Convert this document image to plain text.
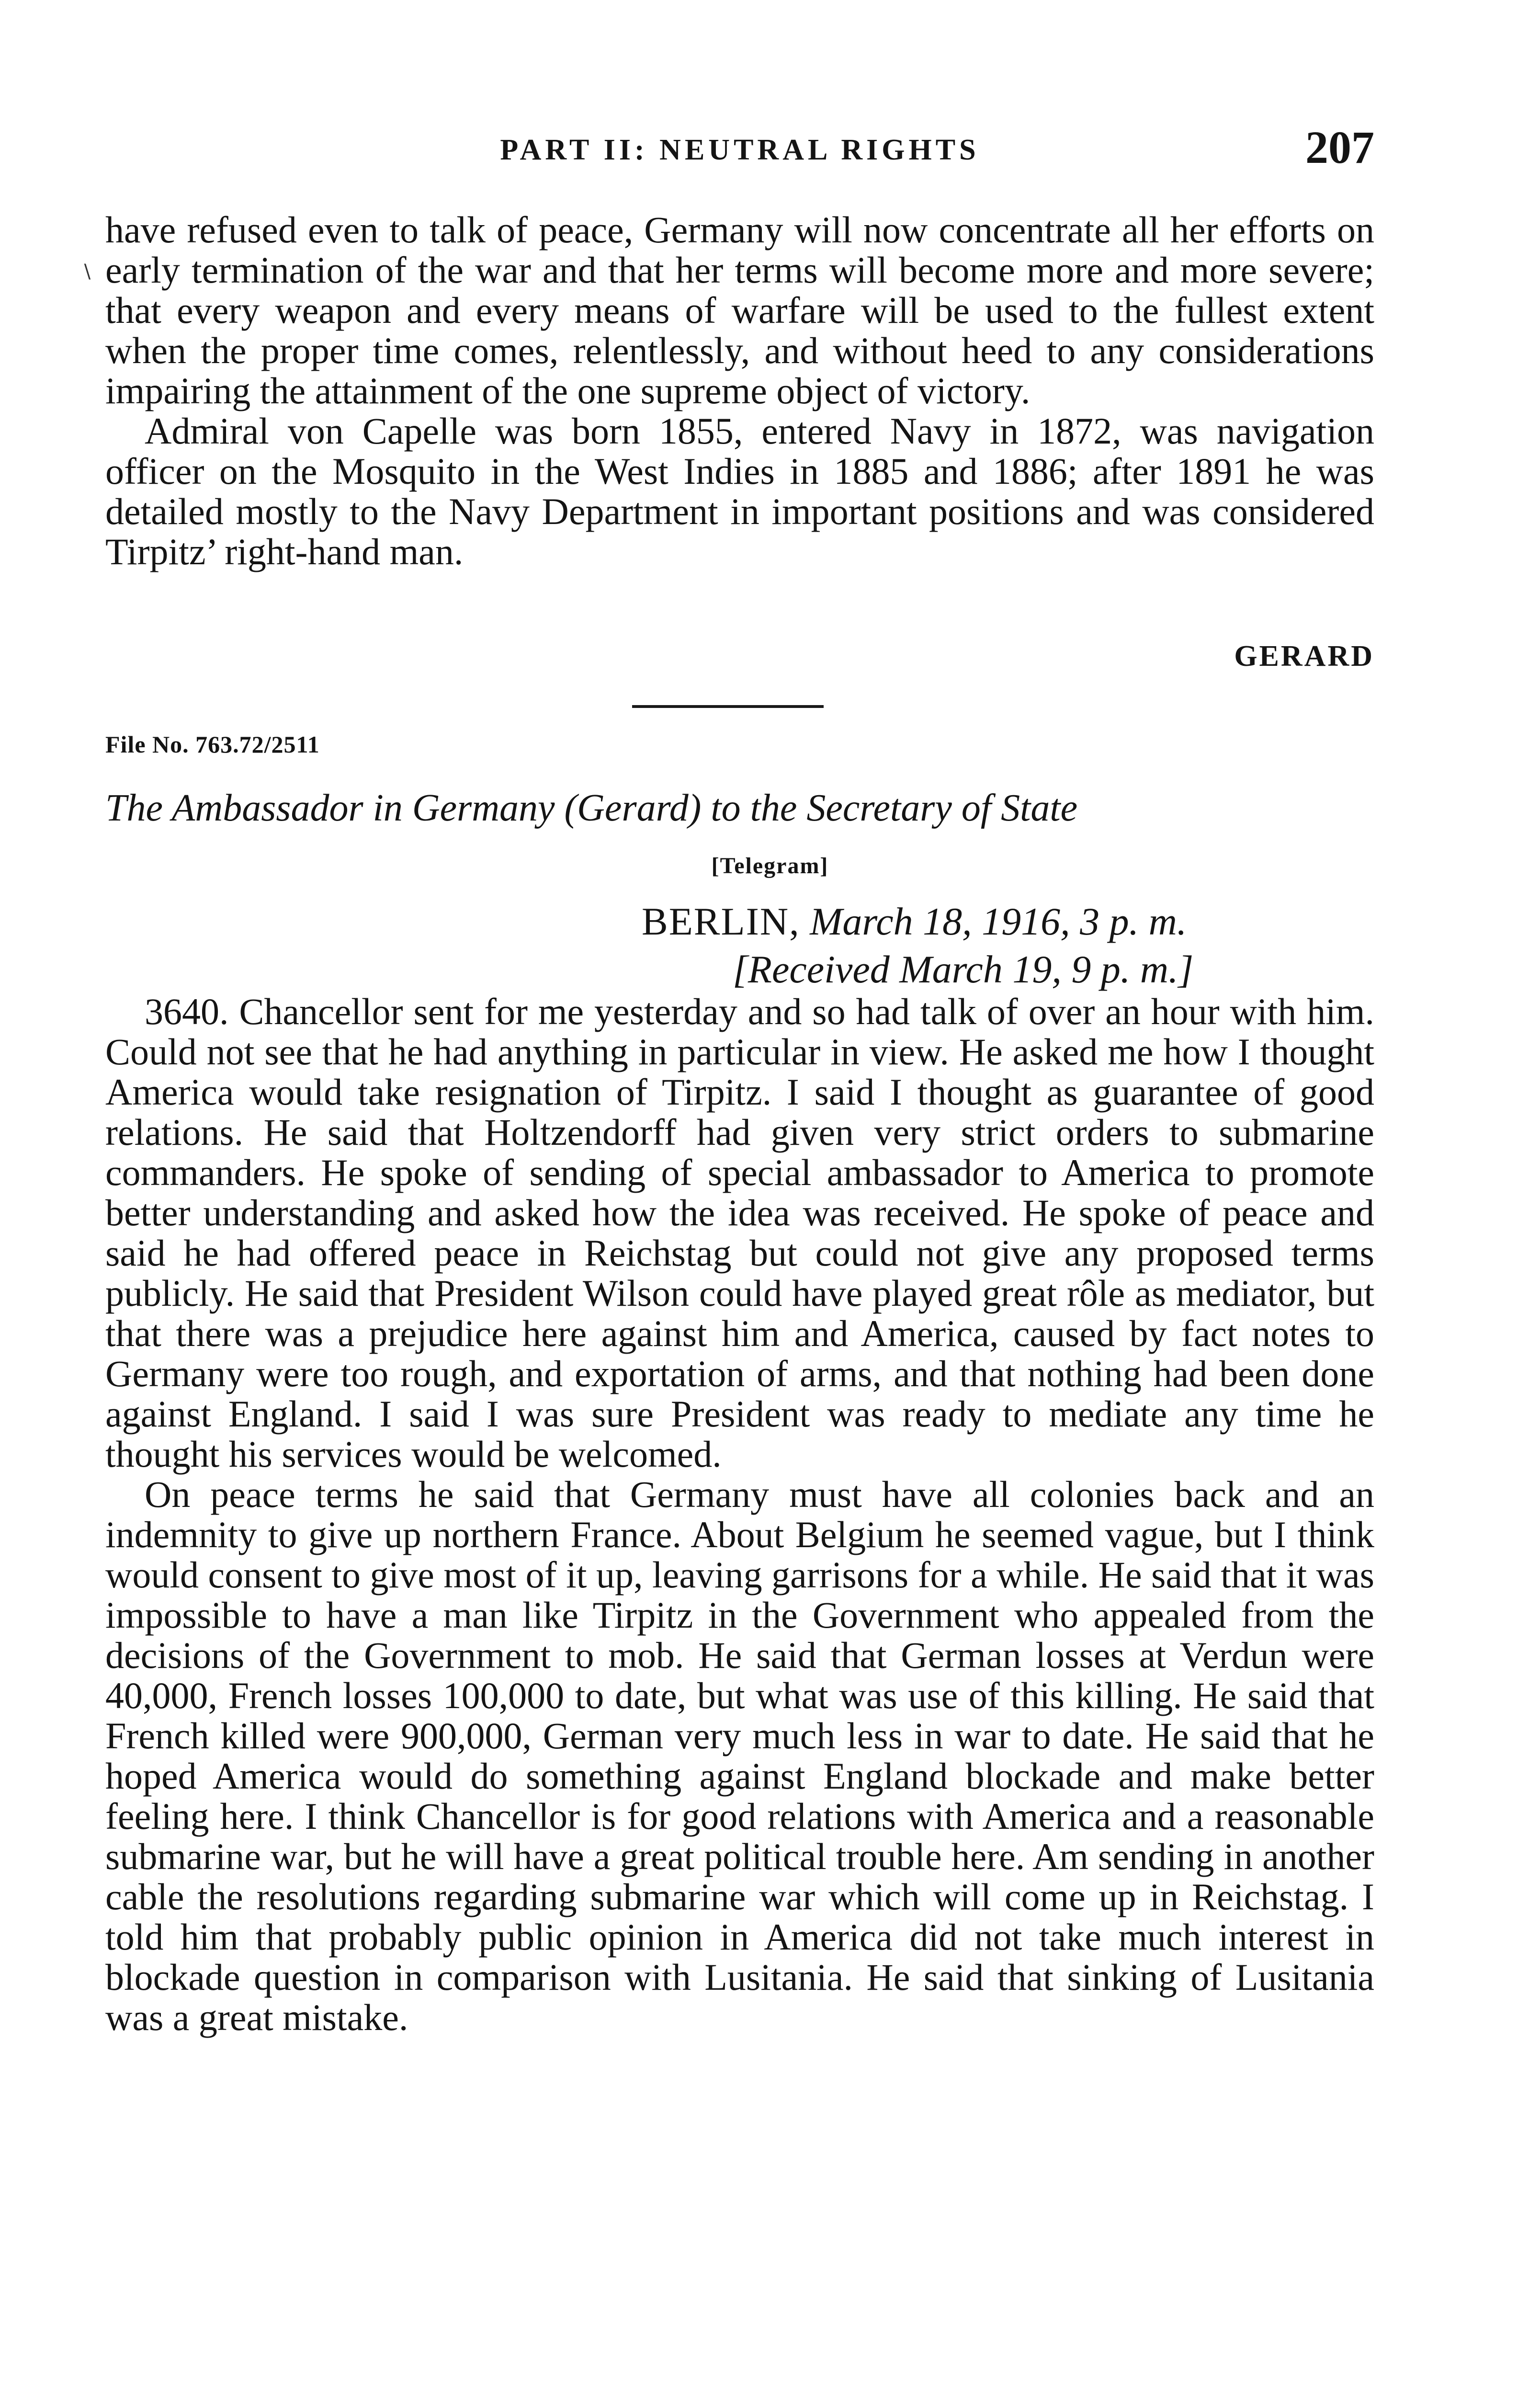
PART II: NEUTRAL RIGHTS	207
∖

have refused even to talk of peace, Germany will now concentrate all her efforts on early termination of the war and that her terms will become more and more severe; that every weapon and every means of warfare will be used to the fullest extent when the proper time comes, relentlessly, and without heed to any considerations impairing the attainment of the one supreme object of victory.

Admiral von Capelle was born 1855, entered Navy in 1872, was navigation officer on the Mosquito in the West Indies in 1885 and 1886; after 1891 he was detailed mostly to the Navy Department in important positions and was considered Tirpitz’ right-hand man.

GERARD
File No. 763.72/2511
The Ambassador in Germany (Gerard) to the Secretary of State
[Telegram]
BERLIN, March 18, 1916, 3 p. m.
[Received March 19, 9 p. m.]

3640. Chancellor sent for me yesterday and so had talk of over an hour with him. Could not see that he had anything in particular in view. He asked me how I thought America would take resignation of Tirpitz. I said I thought as guarantee of good relations. He said that Holtzendorff had given very strict orders to submarine commanders. He spoke of sending of special ambassador to America to promote better understanding and asked how the idea was received. He spoke of peace and said he had offered peace in Reichstag but could not give any proposed terms publicly. He said that President Wilson could have played great rôle as mediator, but that there was a prejudice here against him and America, caused by fact notes to Germany were too rough, and exportation of arms, and that nothing had been done against England. I said I was sure President was ready to mediate any time he thought his services would be welcomed.

On peace terms he said that Germany must have all colonies back and an indemnity to give up northern France. About Belgium he seemed vague, but I think would consent to give most of it up, leaving garrisons for a while. He said that it was impossible to have a man like Tirpitz in the Government who appealed from the decisions of the Government to mob. He said that German losses at Verdun were 40,000, French losses 100,000 to date, but what was use of this killing. He said that French killed were 900,000, German very much less in war to date. He said that he hoped America would do something against England blockade and make better feeling here. I think Chancellor is for good relations with America and a reasonable submarine war, but he will have a great political trouble here. Am sending in another cable the resolutions regarding submarine war which will come up in Reichstag. I told him that probably public opinion in America did not take much interest in blockade question in comparison with Lusitania. He said that sinking of Lusitania was a great mistake.
